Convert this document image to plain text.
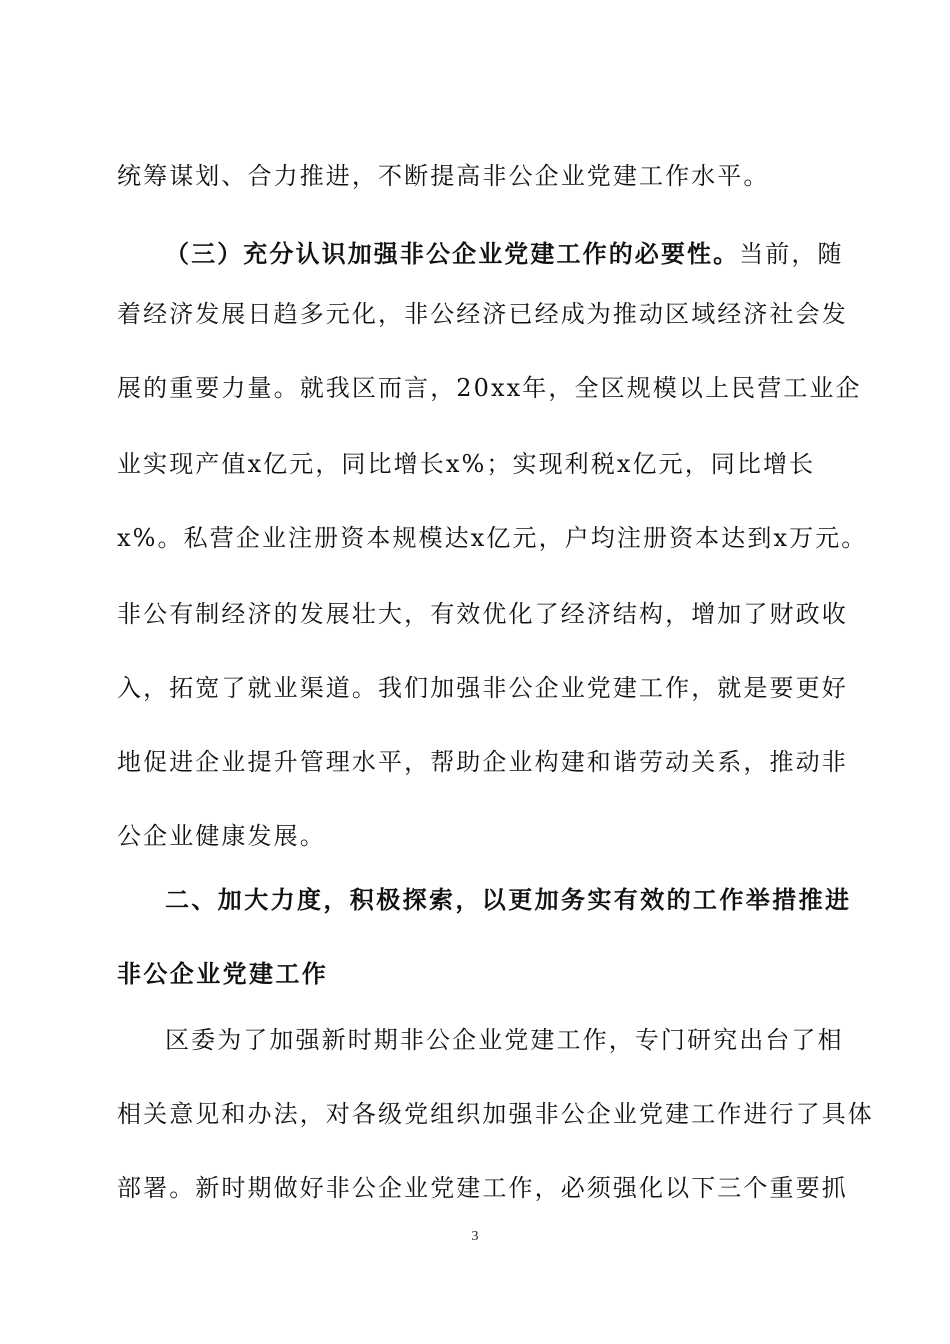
统筹谋划、合力推进，不断提高非公企业党建工作水平。
（三）充分认识加强非公企业党建工作的必要性。当前，随
着经济发展日趋多元化，非公经济已经成为推动区域经济社会发
展的重要力量。就我区而言，20xx年，全区规模以上民营工业企
业实现产值x亿元，同比增长x%；实现利税x亿元，同比增长
x%。私营企业注册资本规模达x亿元，户均注册资本达到x万元。
非公有制经济的发展壮大，有效优化了经济结构，增加了财政收
入，拓宽了就业渠道。我们加强非公企业党建工作，就是要更好
地促进企业提升管理水平，帮助企业构建和谐劳动关系，推动非
公企业健康发展。
二、加大力度，积极探索，以更加务实有效的工作举措推进
非公企业党建工作
区委为了加强新时期非公企业党建工作，专门研究出台了相
相关意见和办法，对各级党组织加强非公企业党建工作进行了具体
部署。新时期做好非公企业党建工作，必须强化以下三个重要抓
3
